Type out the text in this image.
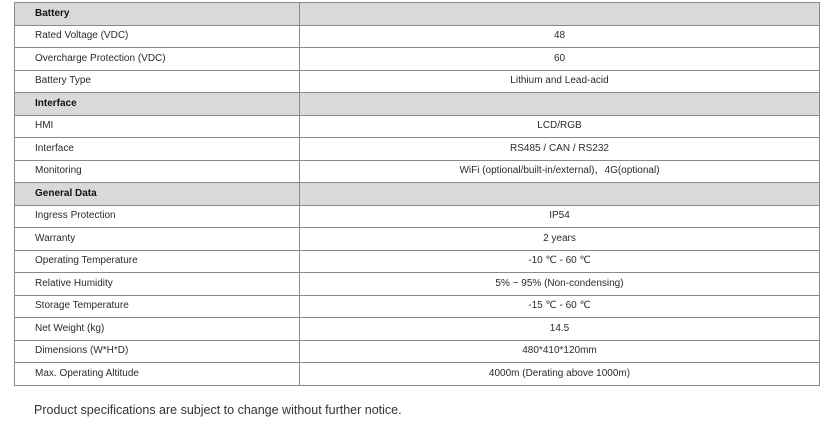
Battery	
Rated Voltage (VDC)	48
Overcharge Protection (VDC)	60
Battery Type	Lithium and Lead-acid
Interface	
HMI	LCD/RGB
Interface	RS485 / CAN / RS232
Monitoring	WiFi (optional/built-in/external)，4G(optional)
General Data	
Ingress Protection	IP54
Warranty	2 years
Operating Temperature	-10 ℃ - 60 ℃
Relative Humidity	5% ~ 95% (Non-condensing)
Storage Temperature	-15 ℃ - 60 ℃
Net Weight (kg)	14.5
Dimensions (W*H*D)	480*410*120mm
Max. Operating Altitude	4000m (Derating above 1000m)
Product specifications are subject to change without further notice.
